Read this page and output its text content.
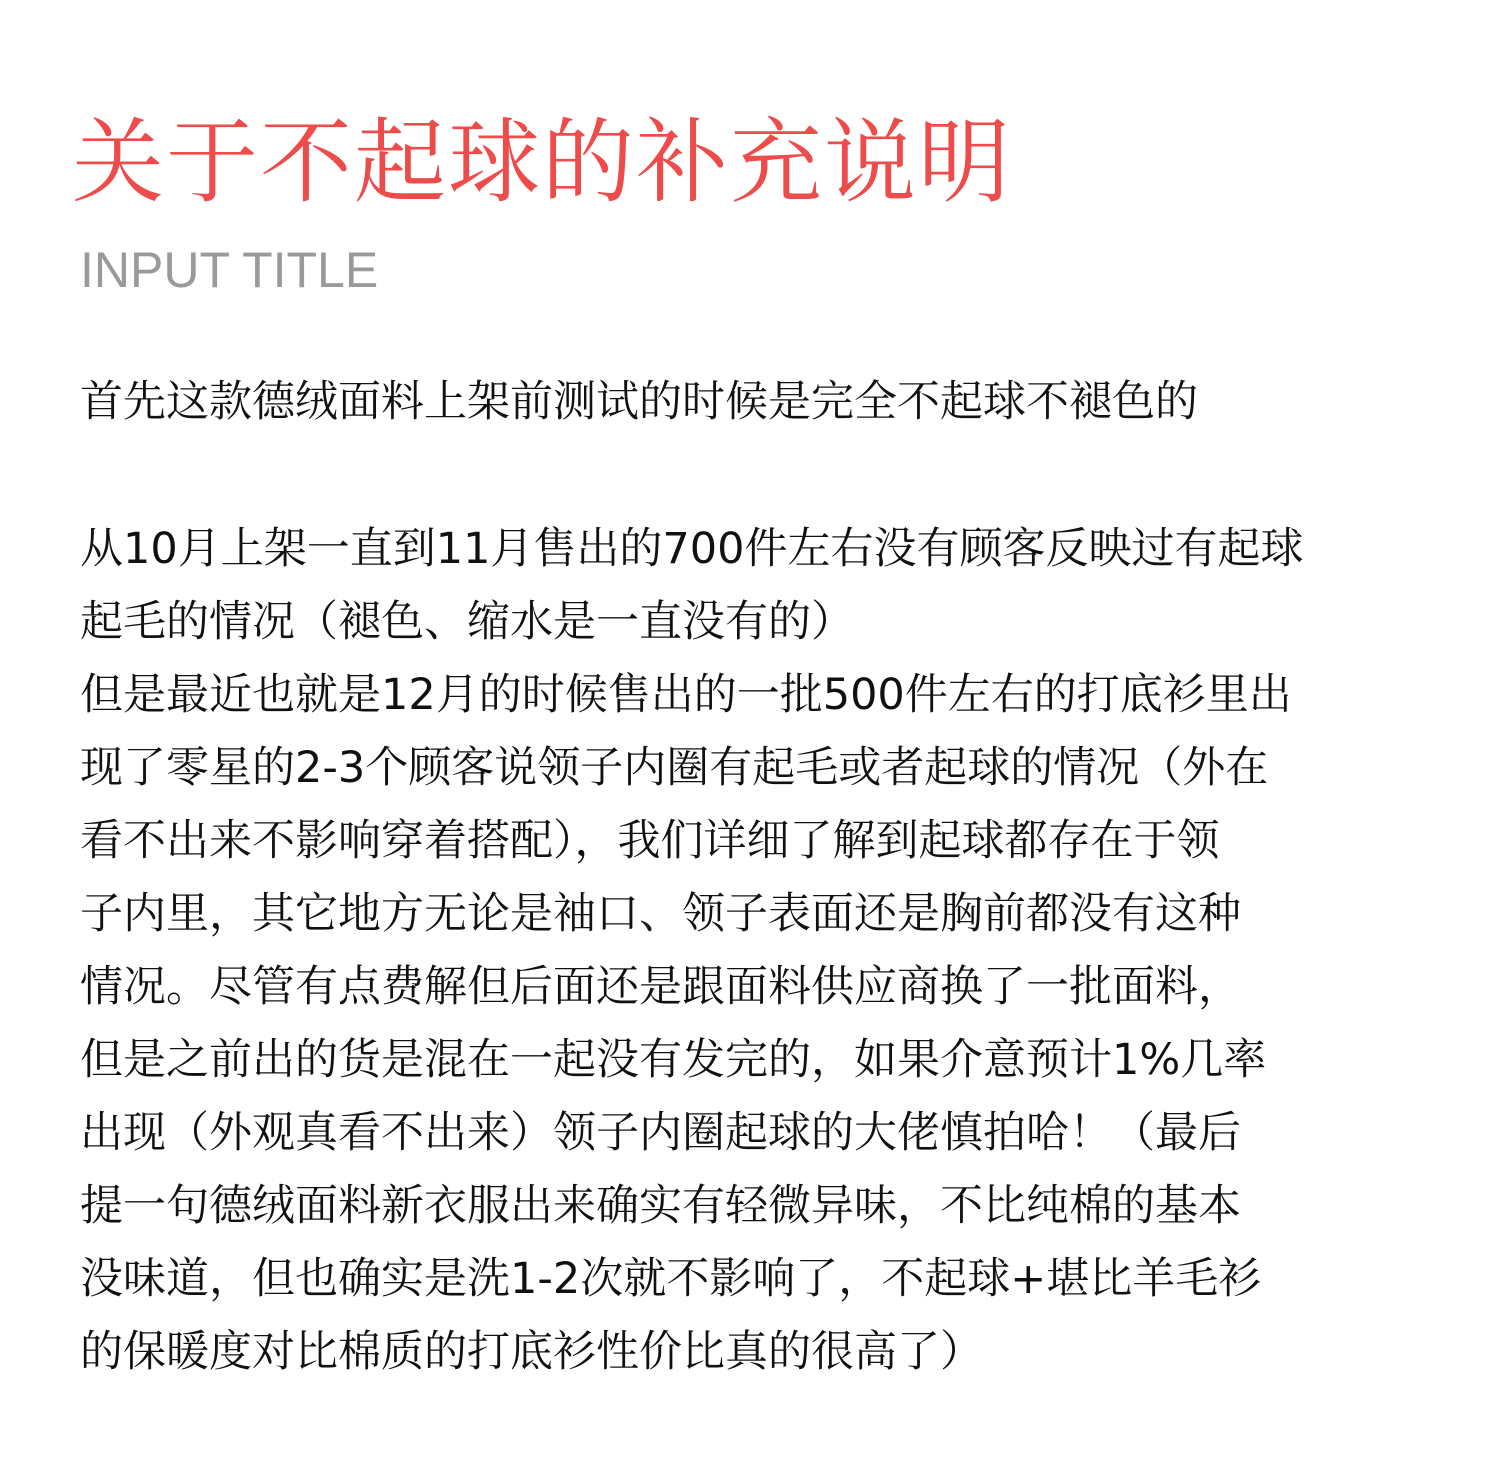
关于不起球的补充说明
INPUT TITLE
首先这款德绒面料上架前测试的时候是完全不起球不褪色的
从10月上架一直到11月售出的700件左右没有顾客反映过有起球
起毛的情况（褪色、缩水是一直没有的）
但是最近也就是12月的时候售出的一批500件左右的打底衫里出
现了零星的2-3个顾客说领子内圈有起毛或者起球的情况（外在
看不出来不影响穿着搭配），我们详细了解到起球都存在于领
子内里，其它地方无论是袖口、领子表面还是胸前都没有这种
情况。尽管有点费解但后面还是跟面料供应商换了一批面料，
但是之前出的货是混在一起没有发完的，如果介意预计1%几率
出现（外观真看不出来）领子内圈起球的大佬慎拍哈！（最后
提一句德绒面料新衣服出来确实有轻微异味，不比纯棉的基本
没味道，但也确实是洗1-2次就不影响了，不起球+堪比羊毛衫
的保暖度对比棉质的打底衫性价比真的很高了）
